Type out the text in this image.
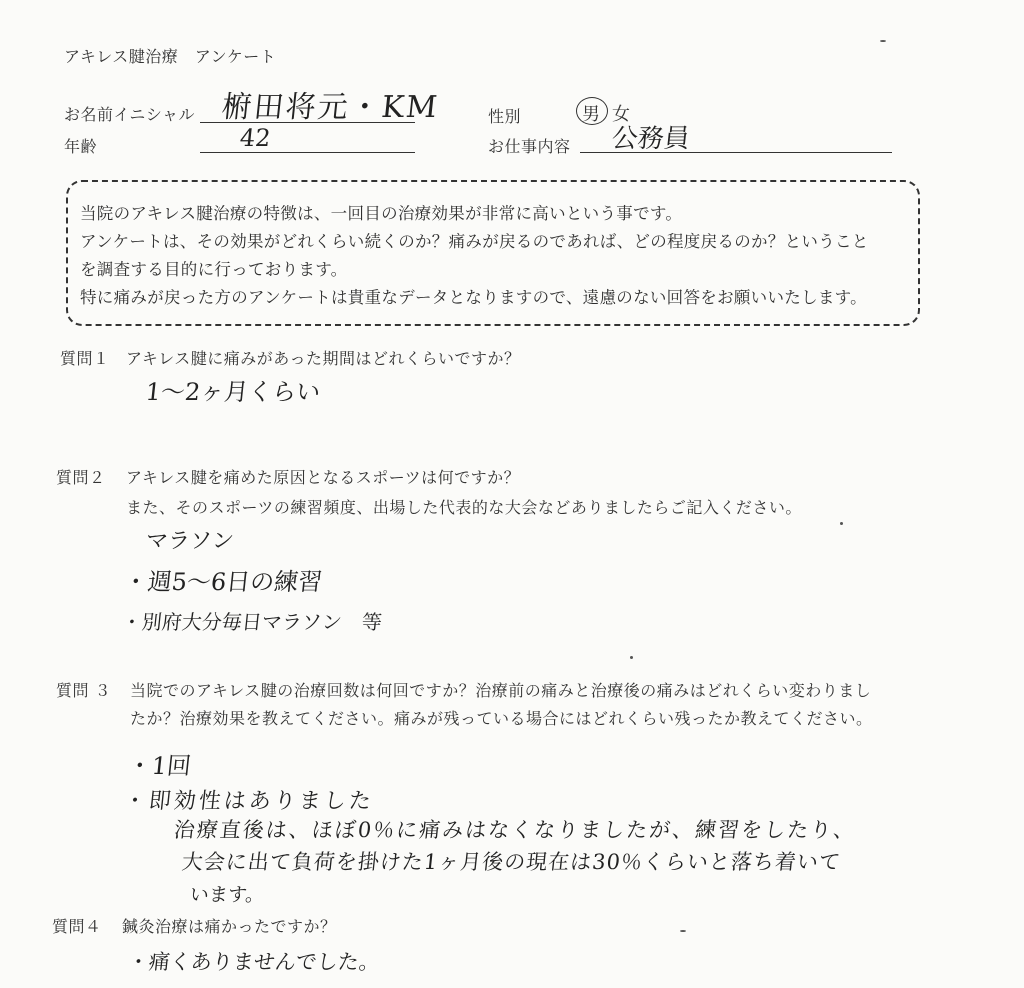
アキレス腱治療　アンケート
お名前イニシャル 椨田将元・KM	性別	男 女
年齢	42	お仕事内容 公務員

当院のアキレス腱治療の特徴は、一回目の治療効果が非常に高いという事です。

アンケートは、その効果がどれくらい続くのか？痛みが戻るのであれば、どの程度戻るのか？ということ

を調査する目的に行っております。

特に痛みが戻った方のアンケートは貴重なデータとなりますので、遠慮のない回答をお願いいたします。

質問１ アキレス腱に痛みがあった期間はどれくらいですか？
1～2ヶ月くらい
質問２ アキレス腱を痛めた原因となるスポーツは何ですか？
また、そのスポーツの練習頻度、出場した代表的な大会などありましたらご記入ください。
マラソン
・週5～6日の練習
・別府大分毎日マラソン　等
質問 ３ 当院でのアキレス腱の治療回数は何回ですか？治療前の痛みと治療後の痛みはどれくらい変わりまし
たか？治療効果を教えてください。痛みが残っている場合にはどれくらい残ったか教えてください。
・1回
・即効性はありました
治療直後は、ほぼ0％に痛みはなくなりましたが、練習をしたり、
大会に出て負荷を掛けた1ヶ月後の現在は30％くらいと落ち着いて
います。
質問４ 鍼灸治療は痛かったですか？
・痛くありませんでした。
